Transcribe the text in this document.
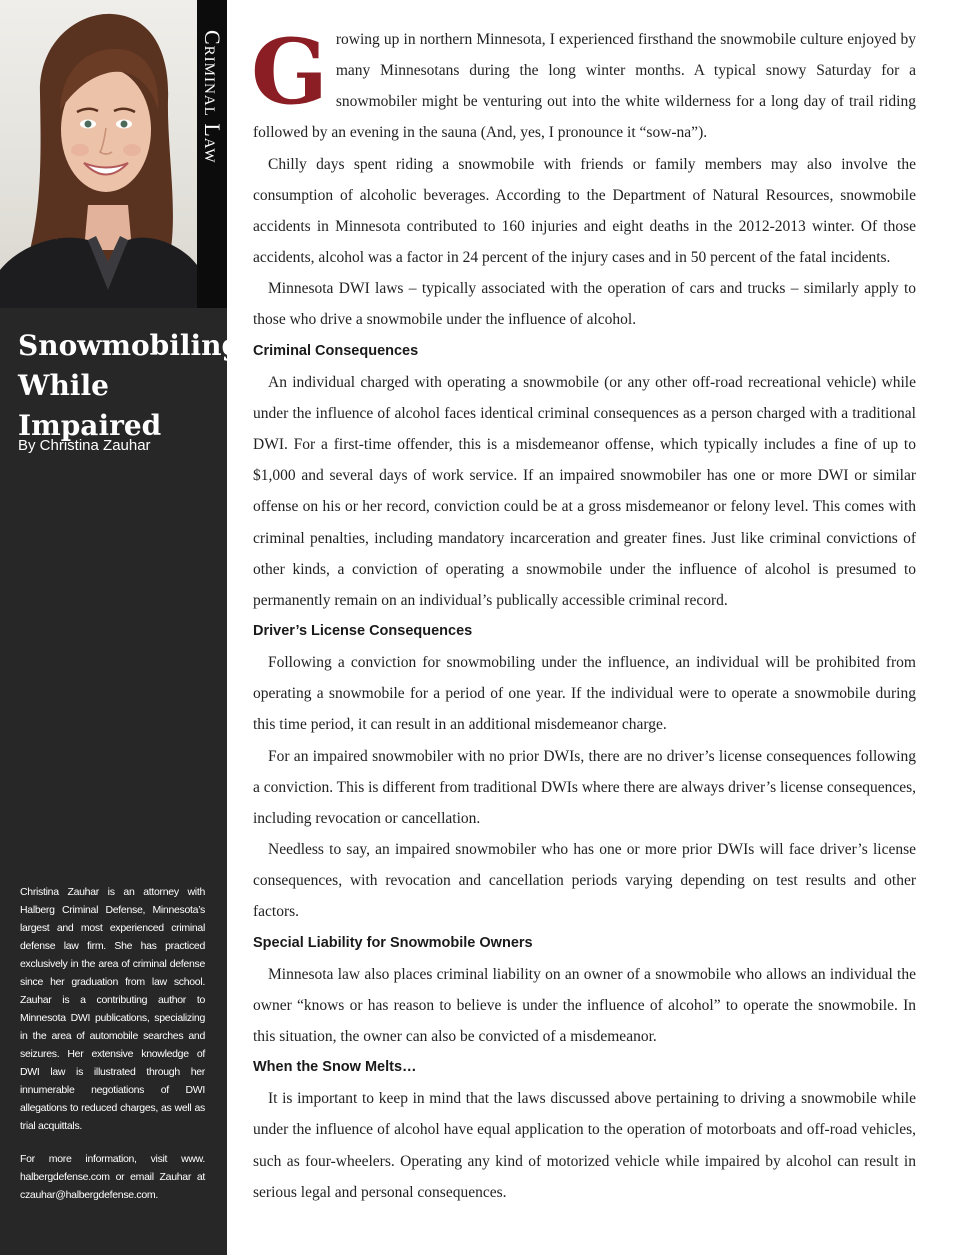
Criminal Law
Snowmobiling
While Impaired

By Christina Zauhar

Christina Zauhar is an attorney with Halberg Criminal Defense, Minnesota’s largest and most experienced criminal defense law firm. She has practiced exclusively in the area of criminal defense since her graduation from law school. Zauhar is a contributing author to Minnesota DWI publications, specializing in the area of automobile searches and seizures. Her extensive knowledge of DWI law is illustrated through her innumerable negotiations of DWI allegations to reduced charges, as well as trial acquittals.

For more information, visit www. halbergdefense.com or email Zauhar at czauhar@halbergdefense.com.

Growing up in northern Minnesota, I experienced firsthand the snowmobile culture enjoyed by many Minnesotans during the long winter months. A typical snowy Saturday for a snowmobiler might be venturing out into the white wilderness for a long day of trail riding followed by an evening in the sauna (And, yes, I pronounce it “sow-na”).

Chilly days spent riding a snowmobile with friends or family members may also involve the consumption of alcoholic beverages. According to the Department of Natural Resources, snowmobile accidents in Minnesota contributed to 160 injuries and eight deaths in the 2012-2013 winter. Of those accidents, alcohol was a factor in 24 percent of the injury cases and in 50 percent of the fatal incidents.

Minnesota DWI laws – typically associated with the operation of cars and trucks – similarly apply to those who drive a snowmobile under the influence of alcohol.

Criminal Consequences

An individual charged with operating a snowmobile (or any other off-road recreational vehicle) while under the influence of alcohol faces identical criminal consequences as a person charged with a traditional DWI. For a first-time offender, this is a misdemeanor offense, which typically includes a fine of up to $1,000 and several days of work service. If an impaired snowmobiler has one or more DWI or similar offense on his or her record, conviction could be at a gross misdemeanor or felony level. This comes with criminal penalties, including mandatory incarceration and greater fines. Just like criminal convictions of other kinds, a conviction of operating a snowmobile under the influence of alcohol is presumed to permanently remain on an individual’s publically accessible criminal record.

Driver’s License Consequences

Following a conviction for snowmobiling under the influence, an individual will be prohibited from operating a snowmobile for a period of one year. If the individual were to operate a snowmobile during this time period, it can result in an additional misdemeanor charge.

For an impaired snowmobiler with no prior DWIs, there are no driver’s license consequences following a conviction. This is different from traditional DWIs where there are always driver’s license consequences, including revocation or cancellation.

Needless to say, an impaired snowmobiler who has one or more prior DWIs will face driver’s license consequences, with revocation and cancellation periods varying depending on test results and other factors.

Special Liability for Snowmobile Owners

Minnesota law also places criminal liability on an owner of a snowmobile who allows an individual the owner “knows or has reason to believe is under the influence of alcohol” to operate the snowmobile. In this situation, the owner can also be convicted of a misdemeanor.

When the Snow Melts…

It is important to keep in mind that the laws discussed above pertaining to driving a snowmobile while under the influence of alcohol have equal application to the operation of motorboats and off-road vehicles, such as four-wheelers. Operating any kind of motorized vehicle while impaired by alcohol can result in serious legal and personal consequences.
